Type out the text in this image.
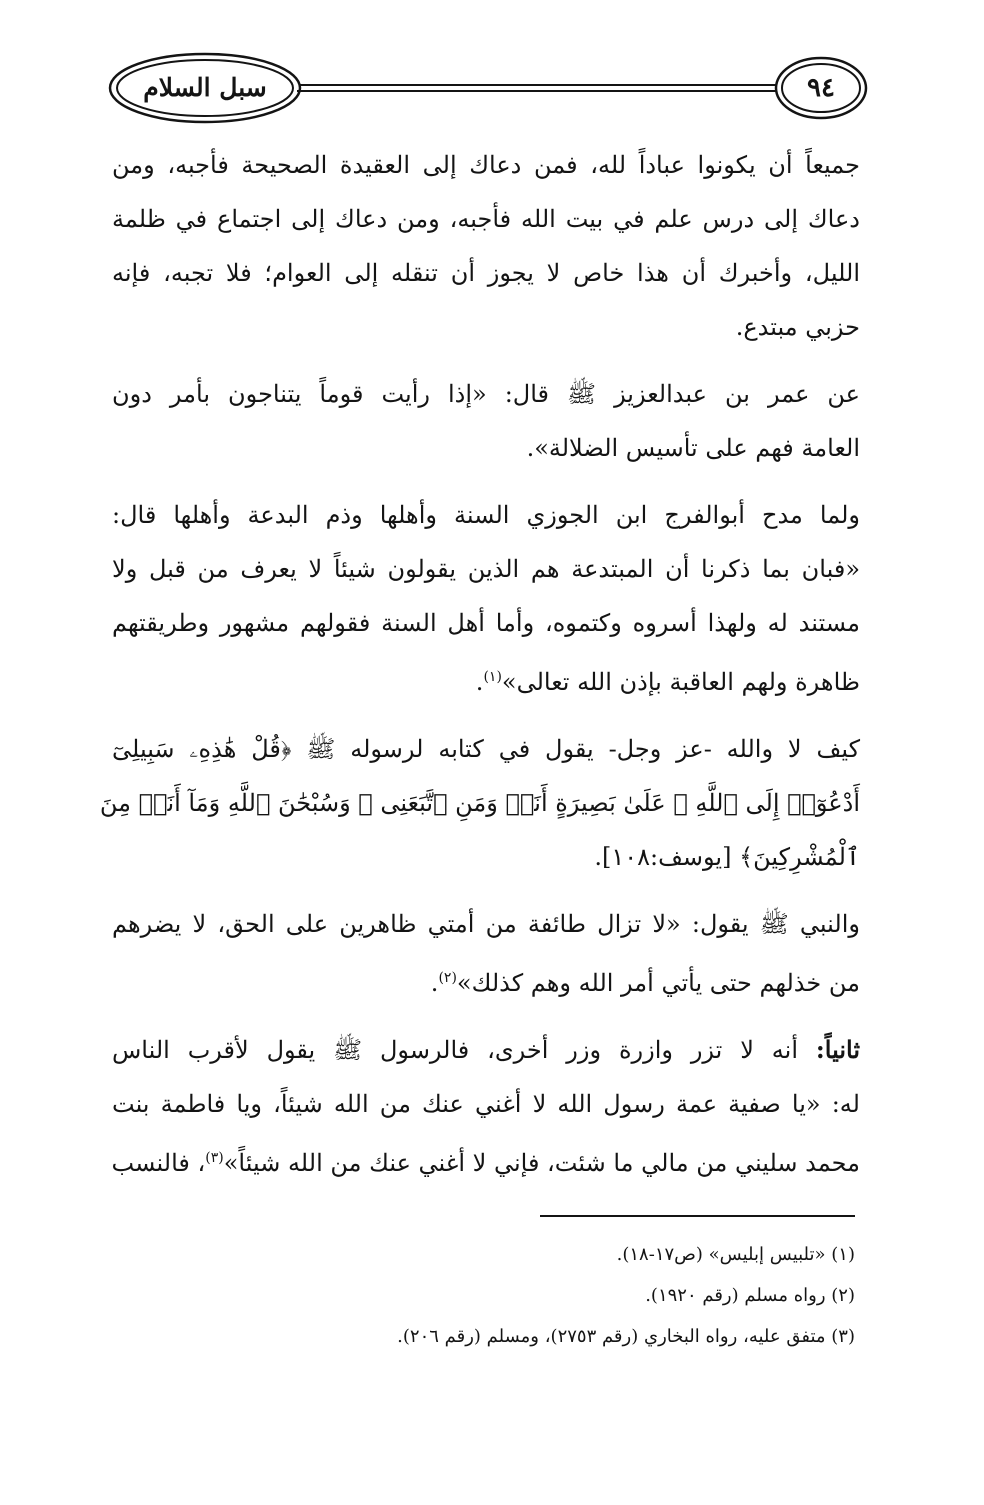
سبل السلام	٩٤

جميعاً أن يكونوا عباداً لله، فمن دعاك إلى العقيدة الصحيحة فأجبه، ومن
دعاك إلى درس علم في بيت الله فأجبه، ومن دعاك إلى اجتماع في ظلمة
الليل، وأخبرك أن هذا خاص لا يجوز أن تنقله إلى العوام؛ فلا تجبه، فإنه
حزبي مبتدع.

عن عمر بن عبدالعزيز ﷺ قال: «إذا رأيت قوماً يتناجون بأمر دون
العامة فهم على تأسيس الضلالة».

ولما مدح أبوالفرج ابن الجوزي السنة وأهلها وذم البدعة وأهلها قال:
«فبان بما ذكرنا أن المبتدعة هم الذين يقولون شيئاً لا يعرف من قبل ولا
مستند له ولهذا أسروه وكتموه، وأما أهل السنة فقولهم مشهور وطريقتهم
ظاهرة ولهم العاقبة بإذن الله تعالى»$^{(١)}$.

كيف لا والله -عز وجل- يقول في كتابه لرسوله ﷺ ﴿قُلْ هَٰذِهِۦ سَبِيلِىٓ
أَدْعُوٓا۟ إِلَى ٱللَّهِ ۚ عَلَىٰ بَصِيرَةٍ أَنَا۠ وَمَنِ ٱتَّبَعَنِى ۖ وَسُبْحَٰنَ ٱللَّهِ وَمَآ أَنَا۠ مِنَ
ٱلْمُشْرِكِينَ﴾ [يوسف:١٠٨].

والنبي ﷺ يقول: «لا تزال طائفة من أمتي ظاهرين على الحق، لا يضرهم
من خذلهم حتى يأتي أمر الله وهم كذلك»$^{(٢)}$.

ثانياً: أنه لا تزر وازرة وزر أخرى، فالرسول ﷺ يقول لأقرب الناس
له: «يا صفية عمة رسول الله لا أغني عنك من الله شيئاً، ويا فاطمة بنت
محمد سليني من مالي ما شئت، فإني لا أغني عنك من الله شيئاً»$^{(٣)}$، فالنسب

(١) «تلبيس إبليس» (ص١٧-١٨).
(٢) رواه مسلم (رقم ١٩٢٠).
(٣) متفق عليه، رواه البخاري (رقم ٢٧٥٣)، ومسلم (رقم ٢٠٦).
